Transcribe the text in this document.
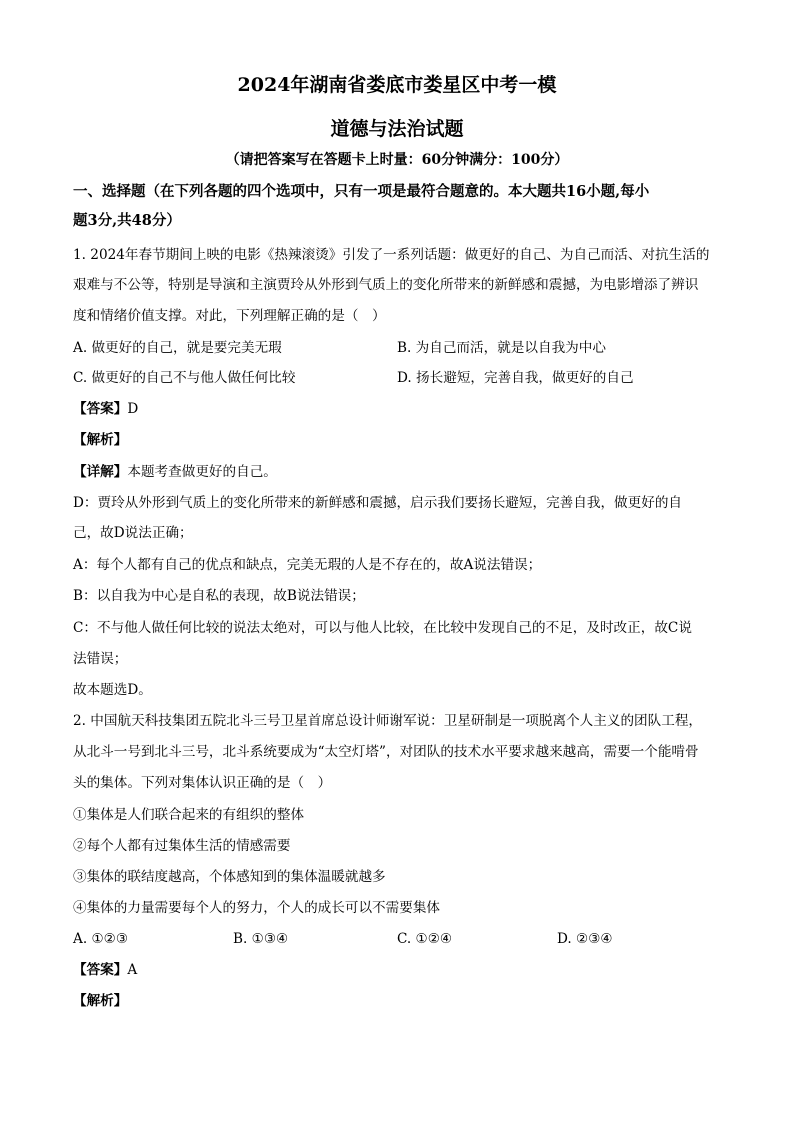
2024年湖南省娄底市娄星区中考一模
道德与法治试题
（请把答案写在答题卡上时量：60分钟满分：100分）
一、选择题（在下列各题的四个选项中，只有一项是最符合题意的。本大题共16小题,每小
题3分,共48分）
1. 2024年春节期间上映的电影《热辣滚烫》引发了一系列话题：做更好的自己、为自己而活、对抗生活的
艰难与不公等，特别是导演和主演贾玲从外形到气质上的变化所带来的新鲜感和震撼，为电影增添了辨识
度和情绪价值支撑。对此，下列理解正确的是（　）
A. 做更好的自己，就是要完美无瑕	B. 为自己而活，就是以自我为中心
C. 做更好的自己不与他人做任何比较	D. 扬长避短，完善自我，做更好的自己
【答案】D
【解析】
【详解】本题考查做更好的自己。
D：贾玲从外形到气质上的变化所带来的新鲜感和震撼，启示我们要扬长避短，完善自我，做更好的自
己，故D说法正确；
A：每个人都有自己的优点和缺点，完美无瑕的人是不存在的，故A说法错误；
B：以自我为中心是自私的表现，故B说法错误；
C：不与他人做任何比较的说法太绝对，可以与他人比较，在比较中发现自己的不足，及时改正，故C说
法错误；
故本题选D。
2. 中国航天科技集团五院北斗三号卫星首席总设计师谢军说：卫星研制是一项脱离个人主义的团队工程，
从北斗一号到北斗三号，北斗系统要成为“太空灯塔”，对团队的技术水平要求越来越高，需要一个能啃骨
头的集体。下列对集体认识正确的是（　）
①集体是人们联合起来的有组织的整体
②每个人都有过集体生活的情感需要
③集体的联结度越高，个体感知到的集体温暖就越多
④集体的力量需要每个人的努力，个人的成长可以不需要集体
A. ①②③	B. ①③④	C. ①②④	D. ②③④
【答案】A
【解析】
